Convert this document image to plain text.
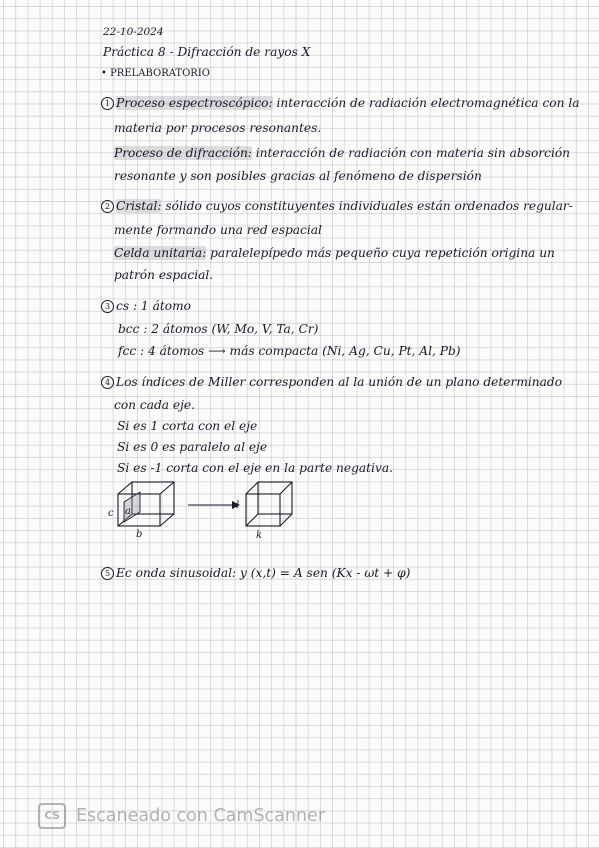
22-10-2024
Práctica 8 - Difracción de rayos X
• PRELABORATORIO
1 Proceso espectroscópico: interacción de radiación electromagnética con la
materia por procesos resonantes.
Proceso de difracción: interacción de radiación con materia sin absorción
resonante y son posibles gracias al fenómeno de dispersión
2 Cristal: sólido cuyos constituyentes individuales están ordenados regular-
mente formando una red espacial
Celda unitaria: paralelepípedo más pequeño cuya repetición origina un
patrón espacial.
3 cs : 1 átomo
bcc : 2 átomos (W, Mo, V, Ta, Cr)
fcc : 4 átomos ⟶ más compacta (Ni, Ag, Cu, Pt, Al, Pb)
4 Los índices de Miller corresponden al la unión de un plano determinado
con cada eje.
Si es 1 corta con el eje
Si es 0 es paralelo al eje
Si es -1 corta con el eje en la parte negativa.
c a
b
l
k
5 Ec onda sinusoidal: y (x,t) = A sen (Kx - ωt + φ)
CS Escaneado con CamScanner
